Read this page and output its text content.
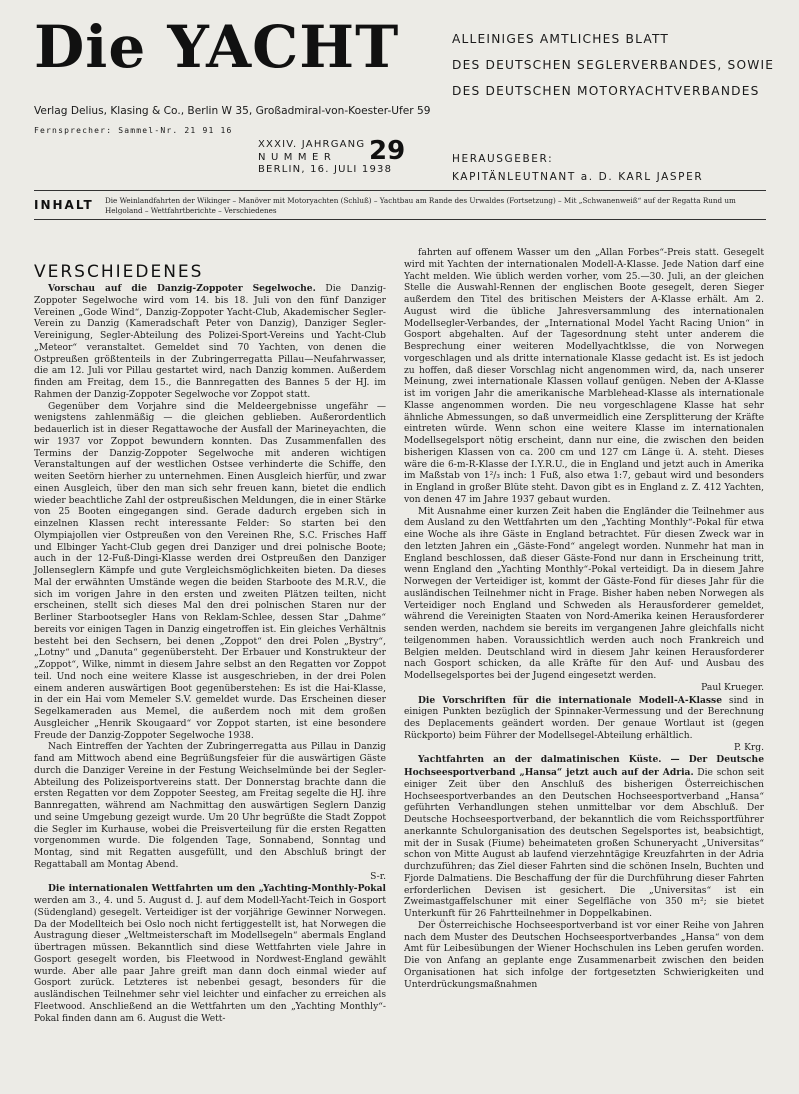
Die YACHT	ALLEINIGES AMTLICHES BLATT
DES DEUTSCHEN SEGLERVERBANDES, SOWIE
DES DEUTSCHEN MOTORYACHTVERBANDES
Verlag Delius, Klasing & Co., Berlin W 35, Großadmiral-von-Koester-Ufer 59
Fernsprecher: Sammel-Nr. 21 91 16
XXXIV. JAHRGANG
NUMMER
BERLIN, 16. JULI 1938
29	HERAUSGEBER:
KAPITÄNLEUTNANT a. D. KARL JASPER
INHALT Die Weinlandfahrten der Wikinger – Manöver mit Motoryachten (Schluß) – Yachtbau am Rande des Urwaldes (Fortsetzung) – Mit „Schwanenweiß“ auf der Regatta Rund um Helgoland – Wettfahrtberichte – Verschiedenes
VERSCHIEDENES

Vorschau auf die Danzig-Zoppoter Segelwoche. Die Danzig-Zoppoter Segelwoche wird vom 14. bis 18. Juli von den fünf Danziger Vereinen „Gode Wind“, Danzig-Zoppoter Yacht-Club, Akademischer Segler-Verein zu Danzig (Kameradschaft Peter von Danzig), Danziger Segler-Vereinigung, Segler-Abteilung des Polizei-Sport-Vereins und Yacht-Club „Meteor“ veranstaltet. Gemeldet sind 70 Yachten, von denen die Ostpreußen größtenteils in der Zubringerregatta Pillau—Neufahrwasser, die am 12. Juli vor Pillau gestartet wird, nach Danzig kommen. Außerdem finden am Freitag, dem 15., die Bannregatten des Bannes 5 der HJ. im Rahmen der Danzig-Zoppoter Segelwoche vor Zoppot statt.

Gegenüber dem Vorjahre sind die Meldeergebnisse ungefähr — wenigstens zahlenmäßig — die gleichen geblieben. Außerordentlich bedauerlich ist in dieser Regattawoche der Ausfall der Marineyachten, die wir 1937 vor Zoppot bewundern konnten. Das Zusammenfallen des Termins der Danzig-Zoppoter Segelwoche mit anderen wichtigen Veranstaltungen auf der westlichen Ostsee verhinderte die Schiffe, den weiten Seetörn hierher zu unternehmen. Einen Ausgleich hierfür, und zwar einen Ausgleich, über den man sich sehr freuen kann, bietet die endlich wieder beachtliche Zahl der ostpreußischen Meldungen, die in einer Stärke von 25 Booten eingegangen sind. Gerade dadurch ergeben sich in einzelnen Klassen recht interessante Felder: So starten bei den Olympiajollen vier Ostpreußen von den Vereinen Rhe, S.C. Frisches Haff und Elbinger Yacht-Club gegen drei Danziger und drei polnische Boote; auch in der 12-Fuß-Dingi-Klasse werden drei Ostpreußen den Danziger Jollenseglern Kämpfe und gute Vergleichsmöglichkeiten bieten. Da dieses Mal der erwähnten Umstände wegen die beiden Starboote des M.R.V., die sich im vorigen Jahre in den ersten und zweiten Plätzen teilten, nicht erscheinen, stellt sich dieses Mal den drei polnischen Staren nur der Berliner Starbootsegler Hans von Reklam-Schlee, dessen Star „Dahme“ bereits vor einigen Tagen in Danzig eingetroffen ist. Ein gleiches Verhältnis besteht bei den Sechsern, bei denen „Zoppot“ den drei Polen „Bystry“, „Lotny“ und „Danuta“ gegenübersteht. Der Erbauer und Konstrukteur der „Zoppot“, Wilke, nimmt in diesem Jahre selbst an den Regatten vor Zoppot teil. Und noch eine weitere Klasse ist ausgeschrieben, in der drei Polen einem anderen auswärtigen Boot gegenüberstehen: Es ist die Hai-Klasse, in der ein Hai vom Memeler S.V. gemeldet wurde. Das Erscheinen dieser Segelkameraden aus Memel, die außerdem noch mit dem großen Ausgleicher „Henrik Skougaard“ vor Zoppot starten, ist eine besondere Freude der Danzig-Zoppoter Segelwoche 1938.

Nach Eintreffen der Yachten der Zubringerregatta aus Pillau in Danzig fand am Mittwoch abend eine Begrüßungsfeier für die auswärtigen Gäste durch die Danziger Vereine in der Festung Weichselmünde bei der Segler-Abteilung des Polizeisportvereins statt. Der Donnerstag brachte dann die ersten Regatten vor dem Zoppoter Seesteg, am Freitag segelte die HJ. ihre Bannregatten, während am Nachmittag den auswärtigen Seglern Danzig und seine Umgebung gezeigt wurde. Um 20 Uhr begrüßte die Stadt Zoppot die Segler im Kurhause, wobei die Preisverteilung für die ersten Regatten vorgenommen wurde. Die folgenden Tage, Sonnabend, Sonntag und Montag, sind mit Regatten ausgefüllt, und den Abschluß bringt der Regattaball am Montag Abend.

S-r.

Die internationalen Wettfahrten um den „Yachting-Monthly-Pokal werden am 3., 4. und 5. August d. J. auf dem Modell-Yacht-Teich in Gosport (Südengland) gesegelt. Verteidiger ist der vorjährige Gewinner Norwegen. Da der Modellteich bei Oslo noch nicht fertiggestellt ist, hat Norwegen die Austragung dieser „Weltmeisterschaft im Modellsegeln“ abermals England übertragen müssen. Bekanntlich sind diese Wettfahrten viele Jahre in Gosport gesegelt worden, bis Fleetwood in Nordwest-England gewählt wurde. Aber alle paar Jahre greift man dann doch einmal wieder auf Gosport zurück. Letzteres ist nebenbei gesagt, besonders für die ausländischen Teilnehmer sehr viel leichter und einfacher zu erreichen als Fleetwood. Anschließend an die Wettfahrten um den „Yachting Monthly“-Pokal finden dann am 6. August die Wett-

fahrten auf offenem Wasser um den „Allan Forbes“-Preis statt. Gesegelt wird mit Yachten der internationalen Modell-A-Klasse. Jede Nation darf eine Yacht melden. Wie üblich werden vorher, vom 25.—30. Juli, an der gleichen Stelle die Auswahl-Rennen der englischen Boote gesegelt, deren Sieger außerdem den Titel des britischen Meisters der A-Klasse erhält. Am 2. August wird die übliche Jahresversammlung des internationalen Modellsegler-Verbandes, der „International Model Yacht Racing Union“ in Gosport abgehalten. Auf der Tagesordnung steht unter anderem die Besprechung einer weiteren Modellyachtklsse, die von Norwegen vorgeschlagen und als dritte internationale Klasse gedacht ist. Es ist jedoch zu hoffen, daß dieser Vorschlag nicht angenommen wird, da, nach unserer Meinung, zwei internationale Klassen vollauf genügen. Neben der A-Klasse ist im vorigen Jahr die amerikanische Marblehead-Klasse als internationale Klasse angenommen worden. Die neu vorgeschlagene Klasse hat sehr ähnliche Abmessungen, so daß unvermeidlich eine Zersplitterung der Kräfte eintreten würde. Wenn schon eine weitere Klasse im internationalen Modellsegelsport nötig erscheint, dann nur eine, die zwischen den beiden bisherigen Klassen von ca. 200 cm und 127 cm Länge ü. A. steht. Dieses wäre die 6-m-R-Klasse der I.Y.R.U., die in England und jetzt auch in Amerika im Maßstab von 1²/₃ inch: 1 Fuß, also etwa 1:7, gebaut wird und besonders in England in großer Blüte steht. Davon gibt es in England z. Z. 412 Yachten, von denen 47 im Jahre 1937 gebaut wurden.

Mit Ausnahme einer kurzen Zeit haben die Engländer die Teilnehmer aus dem Ausland zu den Wettfahrten um den „Yachting Monthly“-Pokal für etwa eine Woche als ihre Gäste in England betrachtet. Für diesen Zweck war in den letzten Jahren ein „Gäste-Fond“ angelegt worden. Nunmehr hat man in England beschlossen, daß dieser Gäste-Fond nur dann in Erscheinung tritt, wenn England den „Yachting Monthly“-Pokal verteidigt. Da in diesem Jahre Norwegen der Verteidiger ist, kommt der Gäste-Fond für dieses Jahr für die ausländischen Teilnehmer nicht in Frage. Bisher haben neben Norwegen als Verteidiger noch England und Schweden als Herausforderer gemeldet, während die Vereinigten Staaten von Nord-Amerika keinen Herausforderer senden werden, nachdem sie bereits im vergangenen Jahre gleichfalls nicht teilgenommen haben. Voraussichtlich werden auch noch Frankreich und Belgien melden. Deutschland wird in diesem Jahr keinen Herausforderer nach Gosport schicken, da alle Kräfte für den Auf- und Ausbau des Modellsegelsportes bei der Jugend eingesetzt werden.

Paul Krueger.

Die Vorschriften für die internationale Modell-A-Klasse sind in einigen Punkten bezüglich der Spinnaker-Vermessung und der Berechnung des Deplacements geändert worden. Der genaue Wortlaut ist (gegen Rückporto) beim Führer der Modellsegel-Abteilung erhältlich.

P. Krg.

Yachtfahrten an der dalmatinischen Küste. — Der Deutsche Hochseesportverband „Hansa“ jetzt auch auf der Adria. Die schon seit einiger Zeit über den Anschluß des bisherigen Österreichischen Hochseesportverbandes an den Deutschen Hochseesportverband „Hansa“ geführten Verhandlungen stehen unmittelbar vor dem Abschluß. Der Deutsche Hochseesportverband, der bekanntlich die vom Reichssportführer anerkannte Schulorganisation des deutschen Segelsportes ist, beabsichtigt, mit der in Susak (Fiume) beheimateten großen Schuneryacht „Universitas“ schon von Mitte August ab laufend vierzehntägige Kreuzfahrten in der Adria durchzuführen; das Ziel dieser Fahrten sind die schönen Inseln, Buchten und Fjorde Dalmatiens. Die Beschaffung der für die Durchführung dieser Fahrten erforderlichen Devisen ist gesichert. Die „Universitas“ ist ein Zweimastgaffelschuner mit einer Segelfläche von 350 m²; sie bietet Unterkunft für 26 Fahrtteilnehmer in Doppelkabinen.

Der Österreichische Hochseesportverband ist vor einer Reihe von Jahren nach dem Muster des Deutschen Hochseesportverbandes „Hansa“ von dem Amt für Leibesübungen der Wiener Hochschulen ins Leben gerufen worden. Die von Anfang an geplante enge Zusammenarbeit zwischen den beiden Organisationen hat sich infolge der fortgesetzten Schwierigkeiten und Unterdrückungsmaßnahmen
